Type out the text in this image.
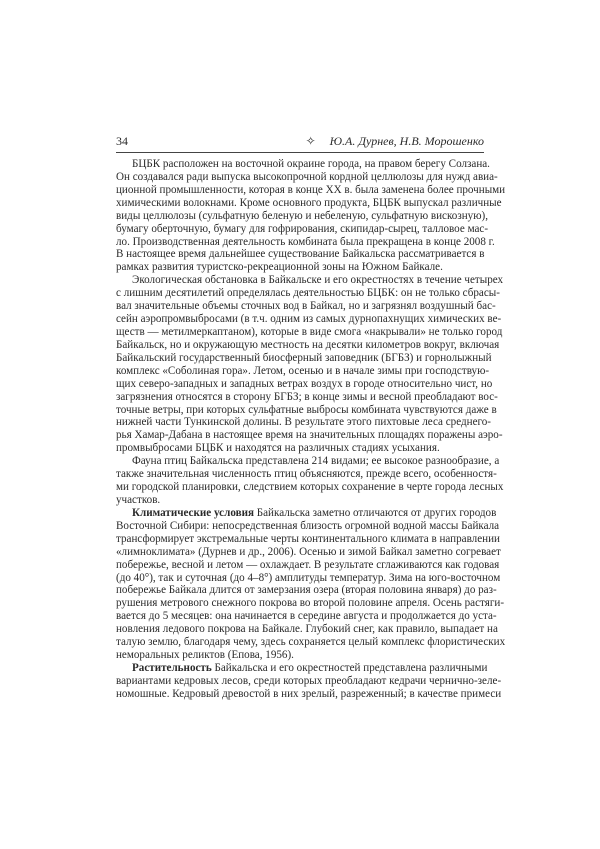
34	✧ Ю.А. Дурнев, Н.В. Морошенко
БЦБК расположен на восточной окраине города, на правом берегу Солзана.
Он создавался ради выпуска высокопрочной кордной целлюлозы для нужд авиа-
ционной промышленности, которая в конце XX в. была заменена более прочными
химическими волокнами. Кроме основного продукта, БЦБК выпускал различные
виды целлюлозы (сульфатную беленую и небеленую, сульфатную вискозную),
бумагу оберточную, бумагу для гофрирования, скипидар-сырец, талловое мас-
ло. Производственная деятельность комбината была прекращена в конце 2008 г.
В настоящее время дальнейшее существование Байкальска рассматривается в
рамках развития туристско-рекреационной зоны на Южном Байкале.
Экологическая обстановка в Байкальске и его окрестностях в течение четырех
с лишним десятилетий определялась деятельностью БЦБК: он не только сбрасы-
вал значительные объемы сточных вод в Байкал, но и загрязнял воздушный бас-
сейн аэропромвыбросами (в т.ч. одним из самых дурнопахнущих химических ве-
ществ — метилмеркаптаном), которые в виде смога «накрывали» не только город
Байкальск, но и окружающую местность на десятки километров вокруг, включая
Байкальский государственный биосферный заповедник (БГБЗ) и горнолыжный
комплекс «Соболиная гора». Летом, осенью и в начале зимы при господствую-
щих северо-западных и западных ветрах воздух в городе относительно чист, но
загрязнения относятся в сторону БГБЗ; в конце зимы и весной преобладают вос-
точные ветры, при которых сульфатные выбросы комбината чувствуются даже в
нижней части Тункинской долины. В результате этого пихтовые леса среднего-
рья Хамар-Дабана в настоящее время на значительных площадях поражены аэро-
промвыбросами БЦБК и находятся на различных стадиях усыхания.
Фауна птиц Байкальска представлена 214 видами; ее высокое разнообразие, а
также значительная численность птиц объясняются, прежде всего, особенностя-
ми городской планировки, следствием которых сохранение в черте города лесных
участков.
Климатические условия Байкальска заметно отличаются от других городов
Восточной Сибири: непосредственная близость огромной водной массы Байкала
трансформирует экстремальные черты континентального климата в направлении
«лимноклимата» (Дурнев и др., 2006). Осенью и зимой Байкал заметно согревает
побережье, весной и летом — охлаждает. В результате сглаживаются как годовая
(до 40°), так и суточная (до 4–8°) амплитуды температур. Зима на юго-восточном
побережье Байкала длится от замерзания озера (вторая половина января) до раз-
рушения метрового снежного покрова во второй половине апреля. Осень растяги-
вается до 5 месяцев: она начинается в середине августа и продолжается до уста-
новления ледового покрова на Байкале. Глубокий снег, как правило, выпадает на
талую землю, благодаря чему, здесь сохраняется целый комплекс флористических
неморальных реликтов (Епова, 1956).
Растительность Байкальска и его окрестностей представлена различными
вариантами кедровых лесов, среди которых преобладают кедрачи чернично-зеле-
номошные. Кедровый древостой в них зрелый, разреженный; в качестве примеси
